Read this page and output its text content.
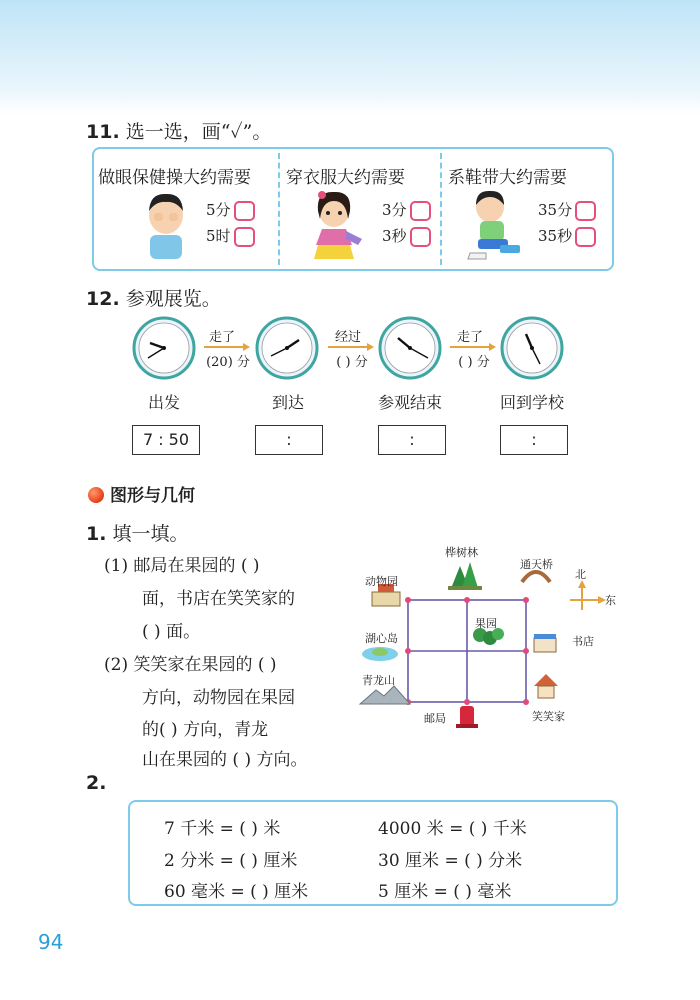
11. 选一选，画“✓”。
做眼保健操大约需要
5分
5时
穿衣服大约需要
3分
3秒
系鞋带大约需要
35分
35秒
12. 参观展览。
走了
(20) 分
经过
( ) 分
走了
( ) 分
出发	到达	参观结束	回到学校
7 : 50	:	:	:
图形与几何
1. 填一填。
(1) 邮局在果园的 ( )
面，书店在笑笑家的
( ) 面。
(2) 笑笑家在果园的 ( )
方向，动物园在果园
的( ) 方向，青龙
山在果园的 ( ) 方向。
桦树林
通天桥
动物园
果园
湖心岛	书店
青龙山
笑笑家
邮局
北
东
2.
7 千米 = ( ) 米	4000 米 = ( ) 千米
2 分米 = ( ) 厘米	30 厘米 = ( ) 分米
60 毫米 = ( ) 厘米	5 厘米 = ( ) 毫米
94
